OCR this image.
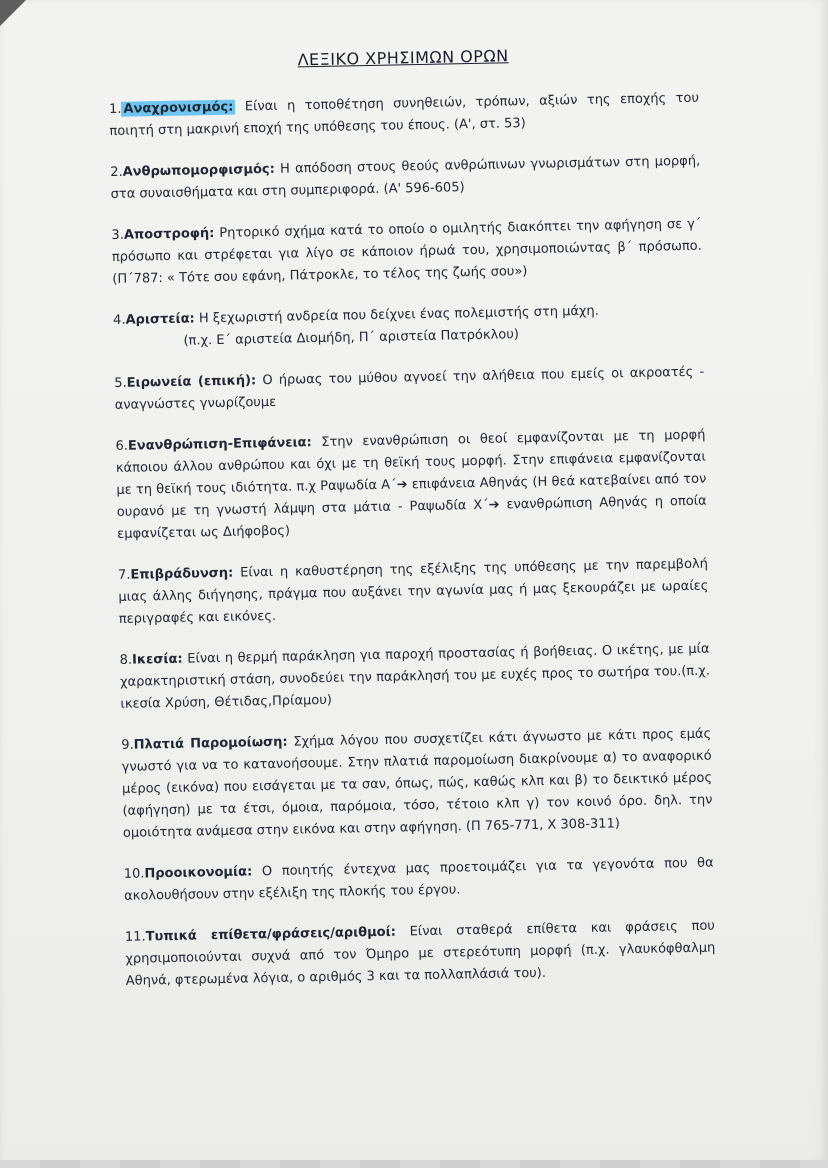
ΛΕΞΙΚΟ ΧΡΗΣΙΜΩΝ ΟΡΩΝ
1. Αναχρονισμός: Είναι η τοποθέτηση συνηθειών, τρόπων, αξιών της εποχής του ποιητή στη μακρινή εποχή της υπόθεσης του έπους. (Α', στ. 53)
2.Ανθρωπομορφισμός: Η απόδοση στους θεούς ανθρώπινων γνωρισμάτων στη μορφή, στα συναισθήματα και στη συμπεριφορά. (Α' 596-605)
3.Αποστροφή: Ρητορικό σχήμα κατά το οποίο ο ομιλητής διακόπτει την αφήγηση σε γ΄ πρόσωπο και στρέφεται για λίγο σε κάποιον ήρωά του, χρησιμοποιώντας β΄ πρόσωπο. (Π΄787: « Τότε σου εφάνη, Πάτροκλε, το τέλος της ζωής σου»)
4.Αριστεία: Η ξεχωριστή ανδρεία που δείχνει ένας πολεμιστής στη μάχη.
(π.χ. Ε΄ αριστεία Διομήδη, Π΄ αριστεία Πατρόκλου)
5.Ειρωνεία (επική): Ο ήρωας του μύθου αγνοεί την αλήθεια που εμείς οι ακροατές - αναγνώστες γνωρίζουμε
6.Ενανθρώπιση-Επιφάνεια: Στην ενανθρώπιση οι θεοί εμφανίζονται με τη μορφή κάποιου άλλου ανθρώπου και όχι με τη θεϊκή τους μορφή. Στην επιφάνεια εμφανίζονται με τη θεϊκή τους ιδιότητα. π.χ Ραψωδία Α΄➔ επιφάνεια Αθηνάς (Η θεά κατεβαίνει από τον ουρανό με τη γνωστή λάμψη στα μάτια - Ραψωδία Χ΄➔ ενανθρώπιση Αθηνάς η οποία εμφανίζεται ως Διήφοβος)
7.Επιβράδυνση: Είναι η καθυστέρηση της εξέλιξης της υπόθεσης με την παρεμβολή μιας άλλης διήγησης, πράγμα που αυξάνει την αγωνία μας ή μας ξεκουράζει με ωραίες περιγραφές και εικόνες.
8.Ικεσία: Είναι η θερμή παράκληση για παροχή προστασίας ή βοήθειας. Ο ικέτης, με μία χαρακτηριστική στάση, συνοδεύει την παράκλησή του με ευχές προς το σωτήρα του.(π.χ. ικεσία Χρύση, Θέτιδας,Πρίαμου)
9.Πλατιά Παρομοίωση: Σχήμα λόγου που συσχετίζει κάτι άγνωστο με κάτι προς εμάς γνωστό για να το κατανοήσουμε. Στην πλατιά παρομοίωση διακρίνουμε α) το αναφορικό μέρος (εικόνα) που εισάγεται με τα σαν, όπως, πώς, καθώς κλπ και β) το δεικτικό μέρος (αφήγηση) με τα έτσι, όμοια, παρόμοια, τόσο, τέτοιο κλπ γ) τον κοινό όρο. δηλ. την ομοιότητα ανάμεσα στην εικόνα και στην αφήγηση. (Π 765-771, Χ 308-311)
10.Προοικονομία: Ο ποιητής έντεχνα μας προετοιμάζει για τα γεγονότα που θα ακολουθήσουν στην εξέλιξη της πλοκής του έργου.
11.Τυπικά επίθετα/φράσεις/αριθμοί: Είναι σταθερά επίθετα και φράσεις που χρησιμοποιούνται συχνά από τον Όμηρο με στερεότυπη μορφή (π.χ. γλαυκόφθαλμη Αθηνά, φτερωμένα λόγια, ο αριθμός 3 και τα πολλαπλάσιά του).
